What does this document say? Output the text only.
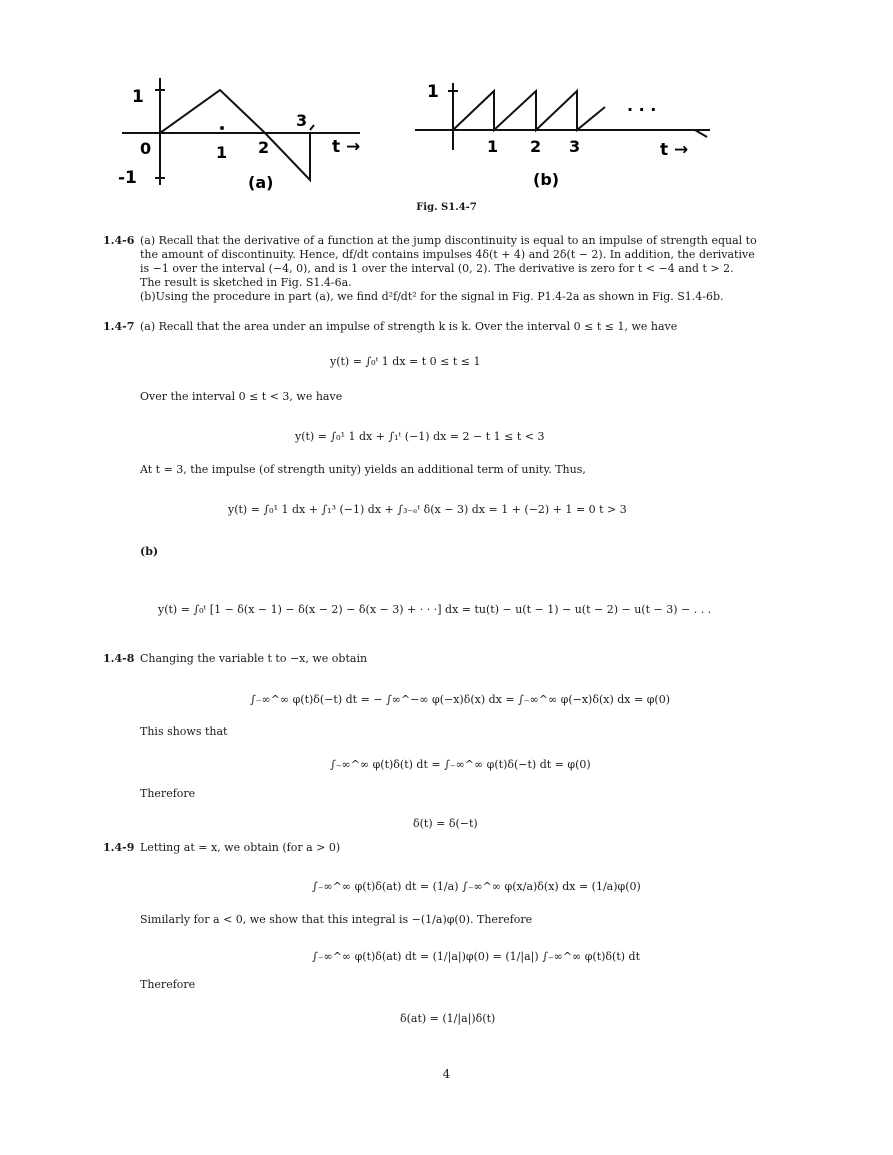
1
-1
0	1 2
3
t →
(a)
1
1 2 3
. . .
t →
(b)
Fig. S1.4-7
1.4-6 (a) Recall that the derivative of a function at the jump discontinuity is equal to an impulse of strength equal to
the amount of discontinuity. Hence, df/dt contains impulses 4δ(t + 4) and 2δ(t − 2). In addition, the derivative
is −1 over the interval (−4, 0), and is 1 over the interval (0, 2). The derivative is zero for t < −4 and t > 2.
The result is sketched in Fig. S1.4-6a.
(b)Using the procedure in part (a), we find d²f/dt² for the signal in Fig. P1.4-2a as shown in Fig. S1.4-6b.
1.4-7 (a) Recall that the area under an impulse of strength k is k. Over the interval 0 ≤ t ≤ 1, we have
y(t) = ∫₀ᵗ 1 dx = t 0 ≤ t ≤ 1
Over the interval 0 ≤ t < 3, we have
y(t) = ∫₀¹ 1 dx + ∫₁ᵗ (−1) dx = 2 − t 1 ≤ t < 3
At t = 3, the impulse (of strength unity) yields an additional term of unity. Thus,
y(t) = ∫₀¹ 1 dx + ∫₁³ (−1) dx + ∫₃₋ₑᵗ δ(x − 3) dx = 1 + (−2) + 1 = 0 t > 3
(b)
y(t) = ∫₀ᵗ [1 − δ(x − 1) − δ(x − 2) − δ(x − 3) + · · ·] dx = tu(t) − u(t − 1) − u(t − 2) − u(t − 3) − . . .
1.4-8 Changing the variable t to −x, we obtain
∫₋∞^∞ φ(t)δ(−t) dt = − ∫∞^−∞ φ(−x)δ(x) dx = ∫₋∞^∞ φ(−x)δ(x) dx = φ(0)
This shows that
∫₋∞^∞ φ(t)δ(t) dt = ∫₋∞^∞ φ(t)δ(−t) dt = φ(0)
Therefore
δ(t) = δ(−t)
1.4-9 Letting at = x, we obtain (for a > 0)
∫₋∞^∞ φ(t)δ(at) dt = (1/a) ∫₋∞^∞ φ(x/a)δ(x) dx = (1/a)φ(0)
Similarly for a < 0, we show that this integral is −(1/a)φ(0). Therefore
∫₋∞^∞ φ(t)δ(at) dt = (1/|a|)φ(0) = (1/|a|) ∫₋∞^∞ φ(t)δ(t) dt
Therefore
δ(at) = (1/|a|)δ(t)
4
